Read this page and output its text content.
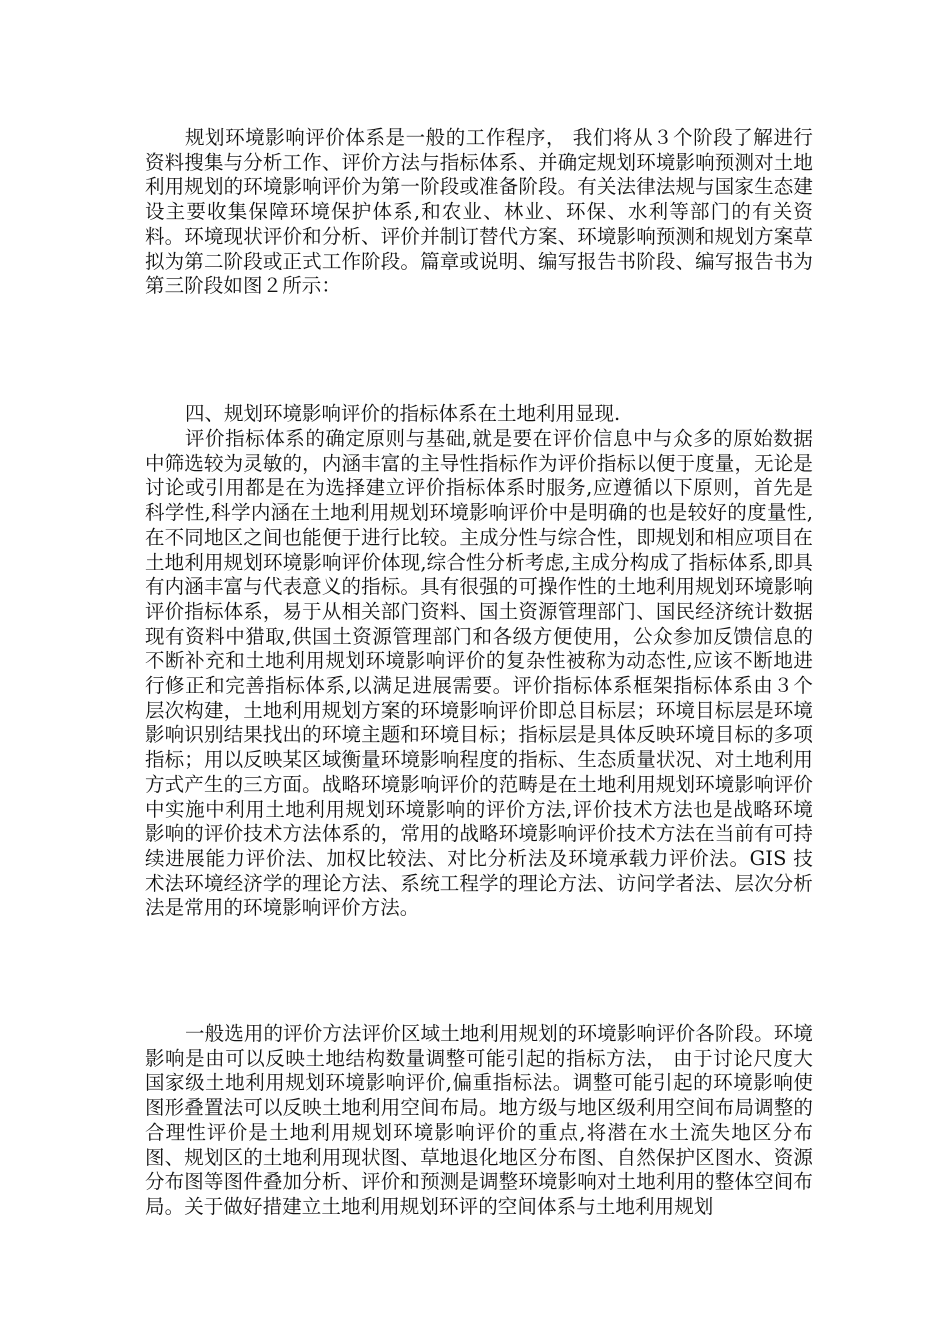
规划环境影响评价体系是一般的工作程序， 我们将从３个阶段了解进行资料搜集与分析工作、评价方法与指标体系、并确定规划环境影响预测对土地利用规划的环境影响评价为第一阶段或准备阶段。有关法律法规与国家生态建设主要收集保障环境保护体系,和农业、林业、环保、水利等部门的有关资料。环境现状评价和分析、评价并制订替代方案、环境影响预测和规划方案草拟为第二阶段或正式工作阶段。篇章或说明、编写报告书阶段、编写报告书为第三阶段如图２所示：

四、规划环境影响评价的指标体系在土地利用显现.

评价指标体系的确定原则与基础,就是要在评价信息中与众多的原始数据中筛选较为灵敏的，内涵丰富的主导性指标作为评价指标以便于度量，无论是讨论或引用都是在为选择建立评价指标体系时服务,应遵循以下原则，首先是科学性,科学内涵在土地利用规划环境影响评价中是明确的也是较好的度量性,在不同地区之间也能便于进行比较。主成分性与综合性，即规划和相应项目在土地利用规划环境影响评价体现,综合性分析考虑,主成分构成了指标体系,即具有内涵丰富与代表意义的指标。具有很强的可操作性的土地利用规划环境影响评价指标体系，易于从相关部门资料、国土资源管理部门、国民经济统计数据现有资料中猎取,供国土资源管理部门和各级方便使用，公众参加反馈信息的不断补充和土地利用规划环境影响评价的复杂性被称为动态性,应该不断地进行修正和完善指标体系,以满足进展需要。评价指标体系框架指标体系由３个层次构建，土地利用规划方案的环境影响评价即总目标层；环境目标层是环境影响识别结果找出的环境主题和环境目标；指标层是具体反映环境目标的多项指标；用以反映某区域衡量环境影响程度的指标、生态质量状况、对土地利用方式产生的三方面。战略环境影响评价的范畴是在土地利用规划环境影响评价中实施中利用土地利用规划环境影响的评价方法,评价技术方法也是战略环境影响的评价技术方法体系的，常用的战略环境影响评价技术方法在当前有可持续进展能力评价法、加权比较法、对比分析法及环境承载力评价法。GIS 技术法环境经济学的理论方法、系统工程学的理论方法、访问学者法、层次分析法是常用的环境影响评价方法。

一般选用的评价方法评价区域土地利用规划的环境影响评价各阶段。环境影响是由可以反映土地结构数量调整可能引起的指标方法， 由于讨论尺度大国家级土地利用规划环境影响评价,偏重指标法。调整可能引起的环境影响使图形叠置法可以反映土地利用空间布局。地方级与地区级利用空间布局调整的合理性评价是土地利用规划环境影响评价的重点,将潜在水土流失地区分布图、规划区的土地利用现状图、草地退化地区分布图、自然保护区图水、资源分布图等图件叠加分析、评价和预测是调整环境影响对土地利用的整体空间布局。关于做好措建立土地利用规划环评的空间体系与土地利用规划
